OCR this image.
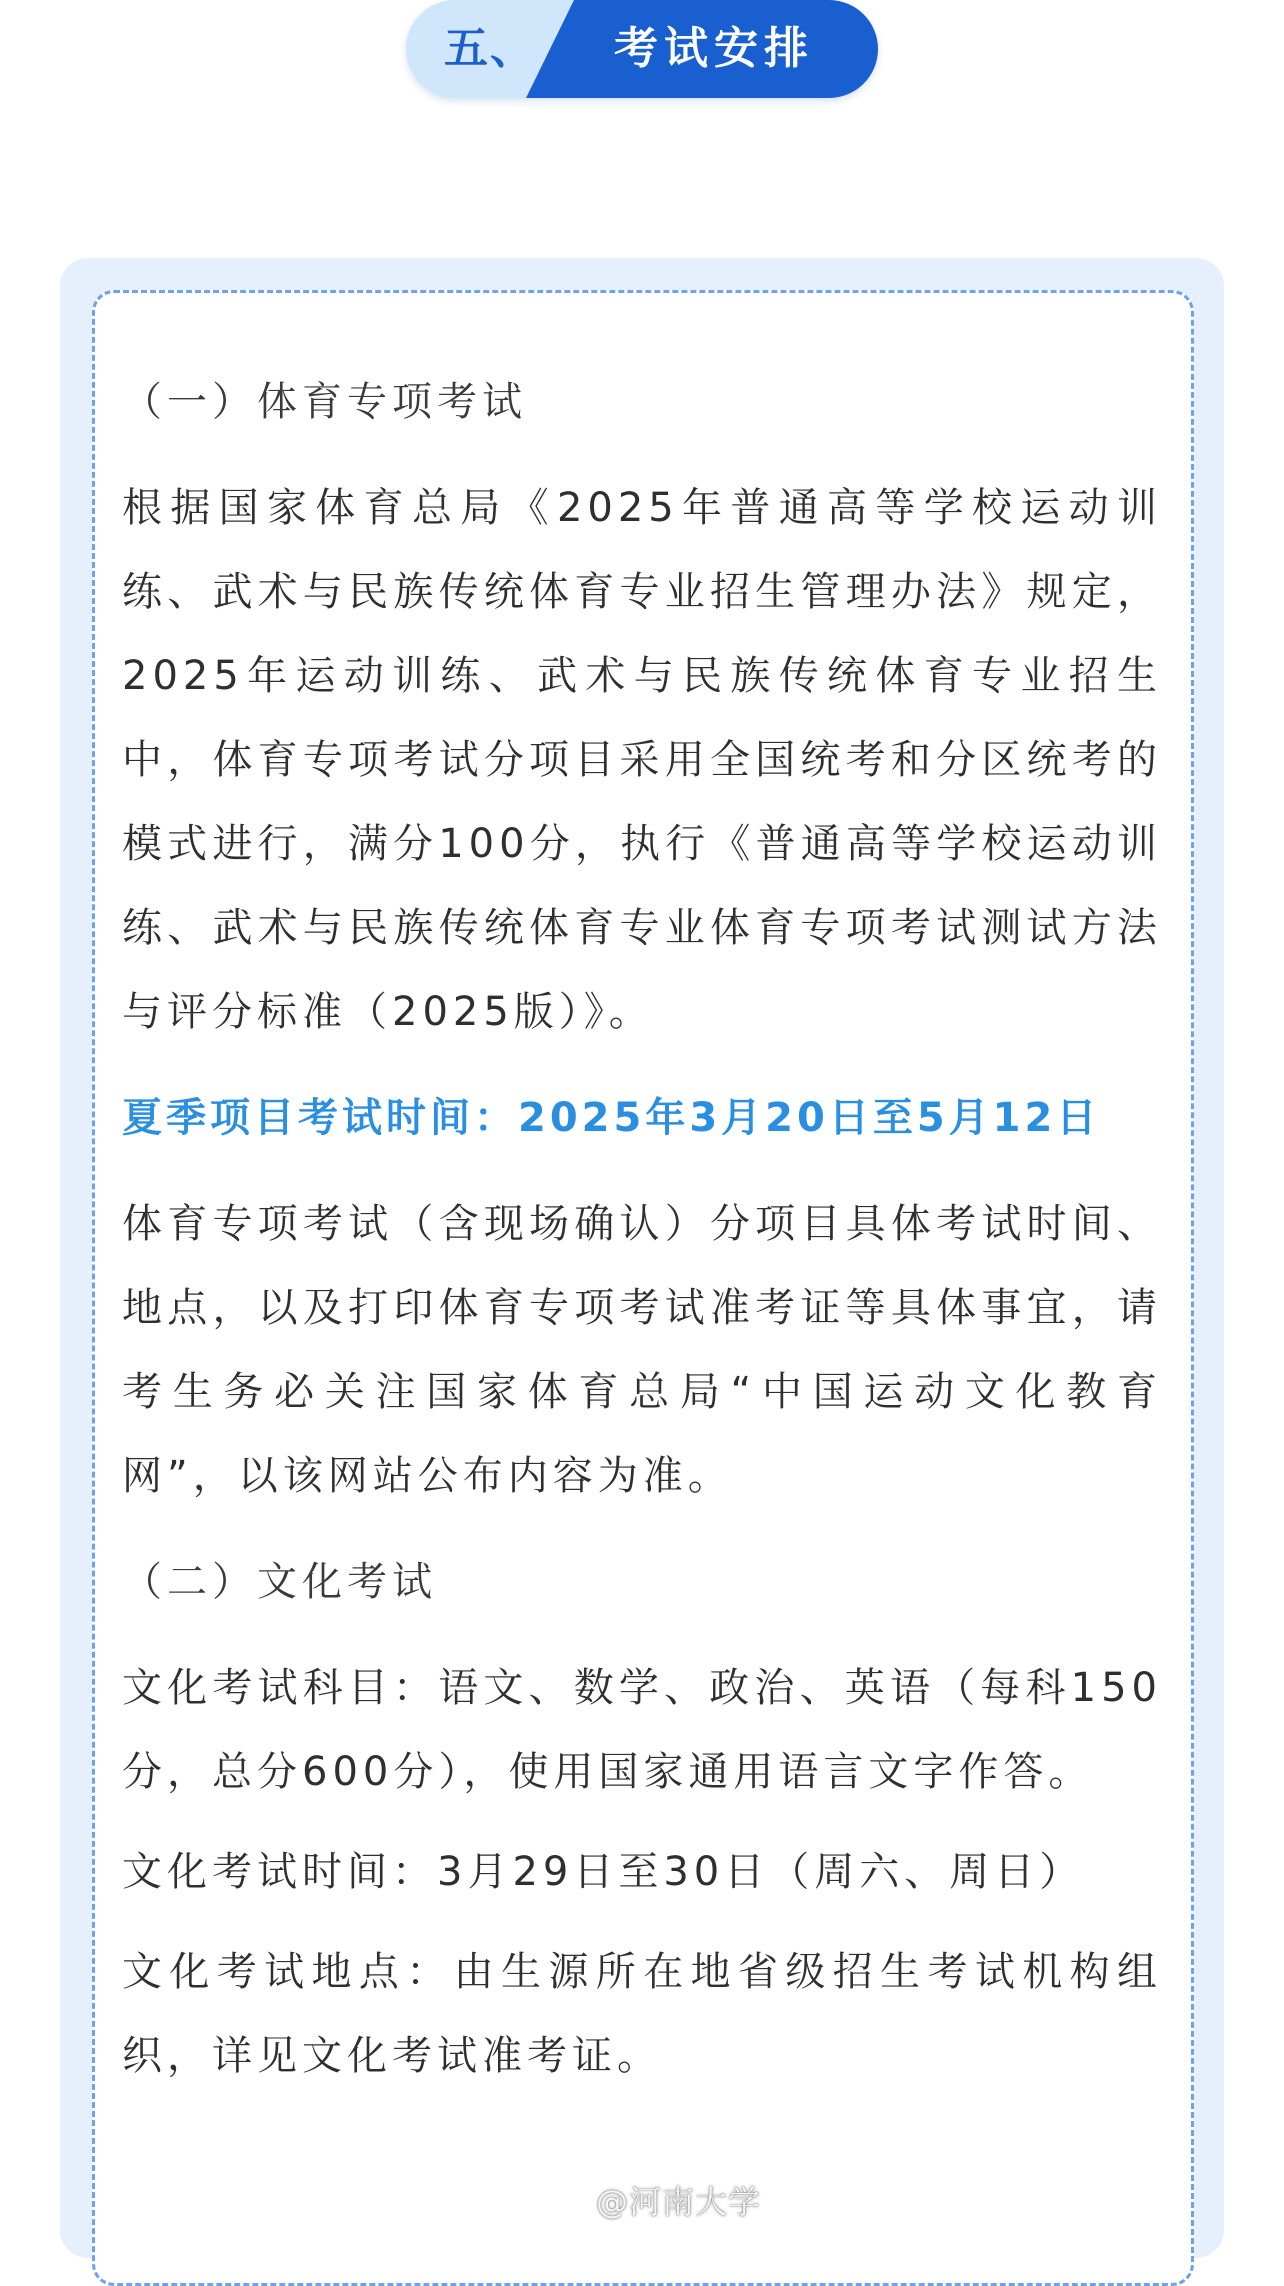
五、	考试安排

（一）体育专项考试

根据国家体育总局《2025年普通高等学校运动训练、武术与民族传统体育专业招生管理办法》规定，2025年运动训练、武术与民族传统体育专业招生中，体育专项考试分项目采用全国统考和分区统考的模式进行，满分100分，执行《普通高等学校运动训练、武术与民族传统体育专业体育专项考试测试方法与评分标准（2025版）》。

夏季项目考试时间：2025年3月20日至5月12日

体育专项考试（含现场确认）分项目具体考试时间、地点，以及打印体育专项考试准考证等具体事宜，请考生务必关注国家体育总局“中国运动文化教育网”，以该网站公布内容为准。

（二）文化考试

文化考试科目：语文、数学、政治、英语（每科150分，总分600分），使用国家通用语言文字作答。

文化考试时间：3月29日至30日（周六、周日）

文化考试地点：由生源所在地省级招生考试机构组织，详见文化考试准考证。

@河南大学
